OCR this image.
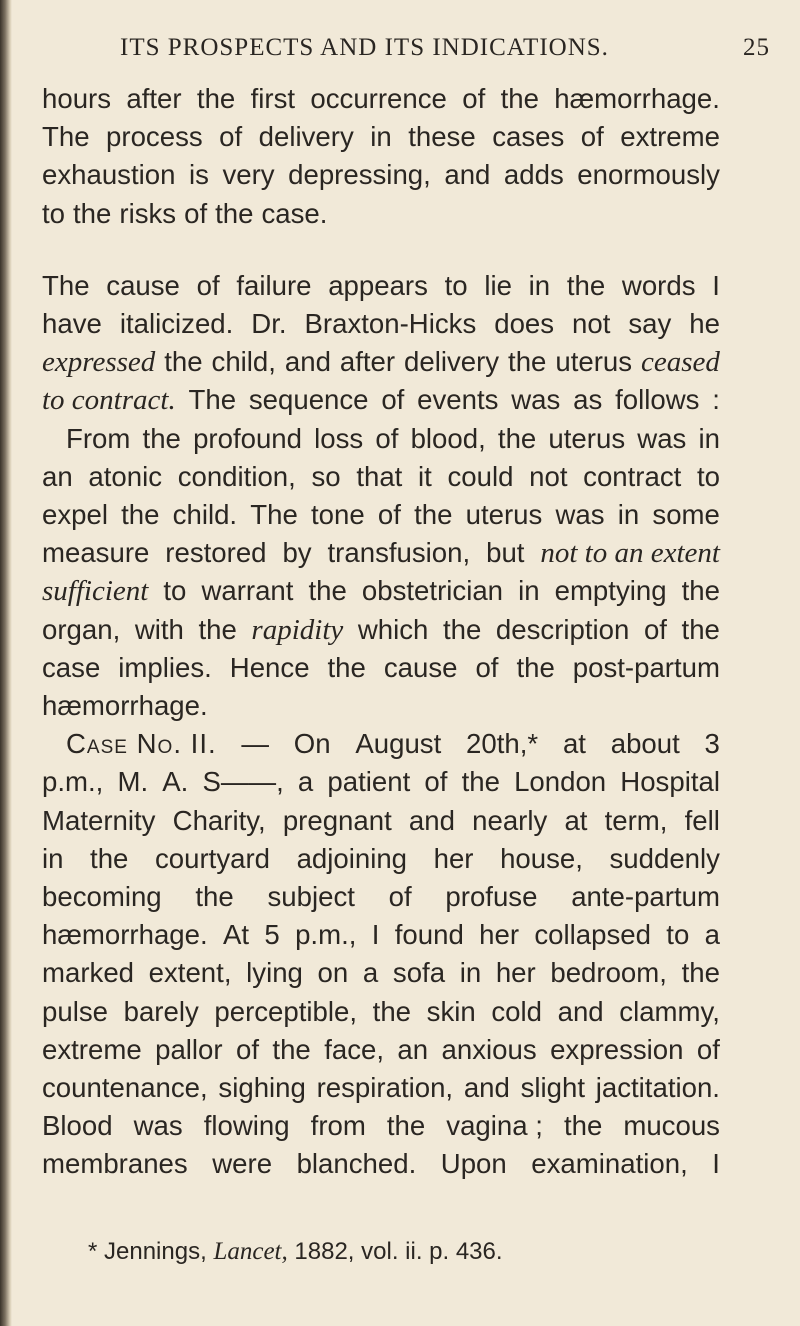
ITS PROSPECTS AND ITS INDICATIONS.	25
hours after the first occurrence of the hæmorrhage.
The process of delivery in these cases of extreme
exhaustion is very depressing, and adds enormously
to the risks of the case.
The cause of failure appears to lie in the words I
have italicized. Dr. Braxton-Hicks does not say he
expressed the child, and after delivery the uterus ceased
to contract. The sequence of events was as follows :
From the profound loss of blood, the uterus was in
an atonic condition, so that it could not contract to
expel the child. The tone of the uterus was in some
measure restored by transfusion, but not to an extent
sufficient to warrant the obstetrician in emptying the
organ, with the rapidity which the description of the
case implies. Hence the cause of the post-partum
hæmorrhage.
Case No. II. — On August 20th,* at about 3
p.m., M. A. S——, a patient of the London Hospital
Maternity Charity, pregnant and nearly at term, fell
in the courtyard adjoining her house, suddenly
becoming the subject of profuse ante-partum
hæmorrhage. At 5 p.m., I found her collapsed to a
marked extent, lying on a sofa in her bedroom, the
pulse barely perceptible, the skin cold and clammy,
extreme pallor of the face, an anxious expression of
countenance, sighing respiration, and slight jactitation.
Blood was flowing from the vagina ; the mucous
membranes were blanched. Upon examination, I
* Jennings, Lancet, 1882, vol. ii. p. 436.
